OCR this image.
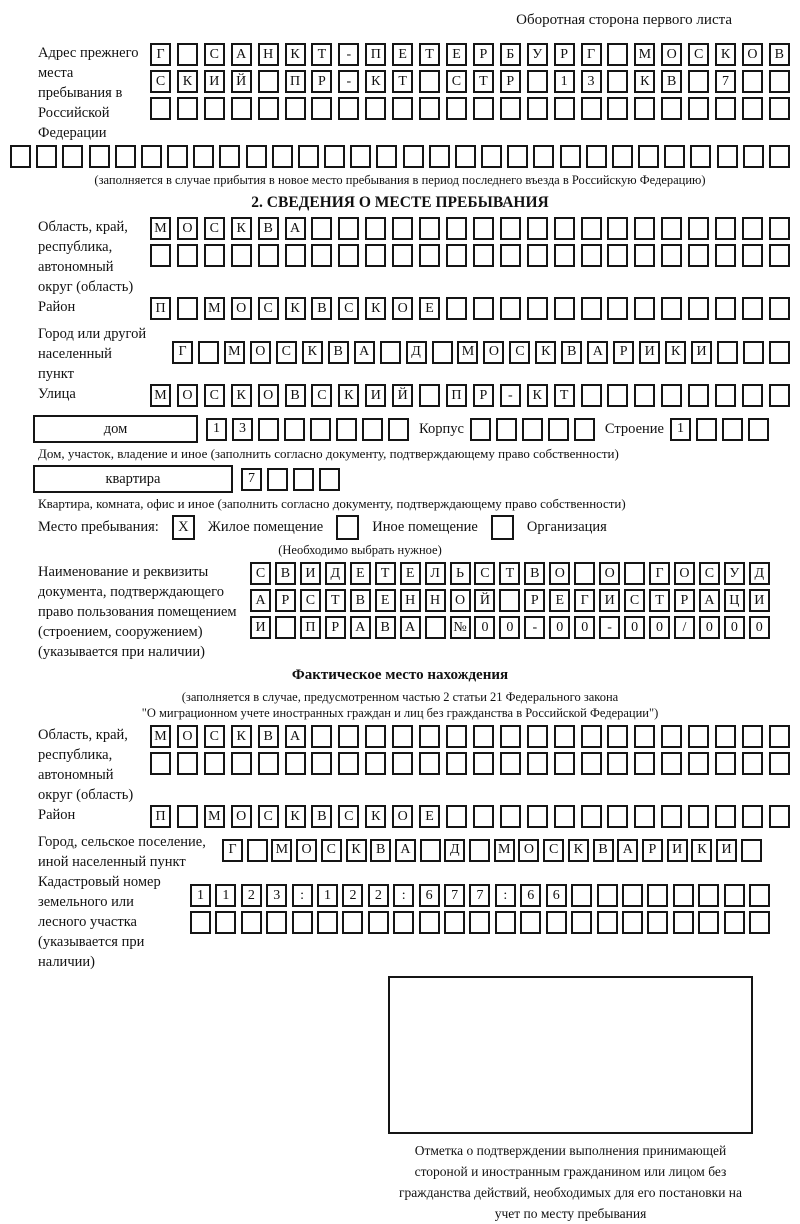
Оборотная сторона первого листа
Адрес прежнего места пребывания в Российской Федерации
Г	С	А	Н	К	Т	-	П	Е	Т	Е	Р	Б	У	Р	Г	М	О	С	К	О	В
С	К	И	Й	П	Р	-	К	Т	С	Т	Р	1	3	К	В	7
(заполняется в случае прибытия в новое место пребывания в период последнего въезда в Российскую Федерацию)
2. СВЕДЕНИЯ О МЕСТЕ ПРЕБЫВАНИЯ
Область, край, республика, автономный округ (область)
М	О	С	К	В	А
Район	П	М	О	С	К	В	С	К	О	Е
Город или другой населенный пункт
Г	М	О	С	К	В	А	Д	М	О	С	К	В	А	Р	И	К	И
Улица	М	О	С	К	О	В	С	К	И	Й	П	Р	-	К	Т
дом	1	3	Корпус	Строение 1
Дом, участок, владение и иное (заполнить согласно документу, подтверждающему право собственности)
квартира	7
Квартира, комната, офис и иное (заполнить согласно документу, подтверждающему право собственности)
Место пребывания:	X	Жилое помещение	Иное помещение	Организация
(Необходимо выбрать нужное)
Наименование и реквизиты документа, подтверждающего право пользования помещением (строением, сооружением) (указывается при наличии)
С	В	И	Д	Е	Т	Е	Л	Ь	С	Т	В	О	О	Г	О	С	У	Д
А	Р	С	Т	В	Е	Н	Н	О	Й	Р	Е	Г	И	С	Т	Р	А	Ц	И
И	П	Р	А	В	А	№	0	0	-	0	0	-	0	0	/	0	0	0
Фактическое место нахождения
(заполняется в случае, предусмотренном частью 2 статьи 21 Федерального закона
"О миграционном учете иностранных граждан и лиц без гражданства в Российской Федерации")
Область, край, республика, автономный округ (область)
М	О	С	К	В	А
Район	П	М	О	С	К	В	С	К	О	Е
Город, сельское поселение, иной населенный пункт
Г	М О	С	К	В	А	Д	М О	С	К	В	А	Р	И	К	И
Кадастровый номер земельного или лесного участка (указывается при наличии)
1	1	2	3	:	1	2	2	:	6	7	7	:	6	6
Отметка о подтверждении выполнения принимающей стороной и иностранным гражданином или лицом без гражданства действий, необходимых для его постановки на учет по месту пребывания
